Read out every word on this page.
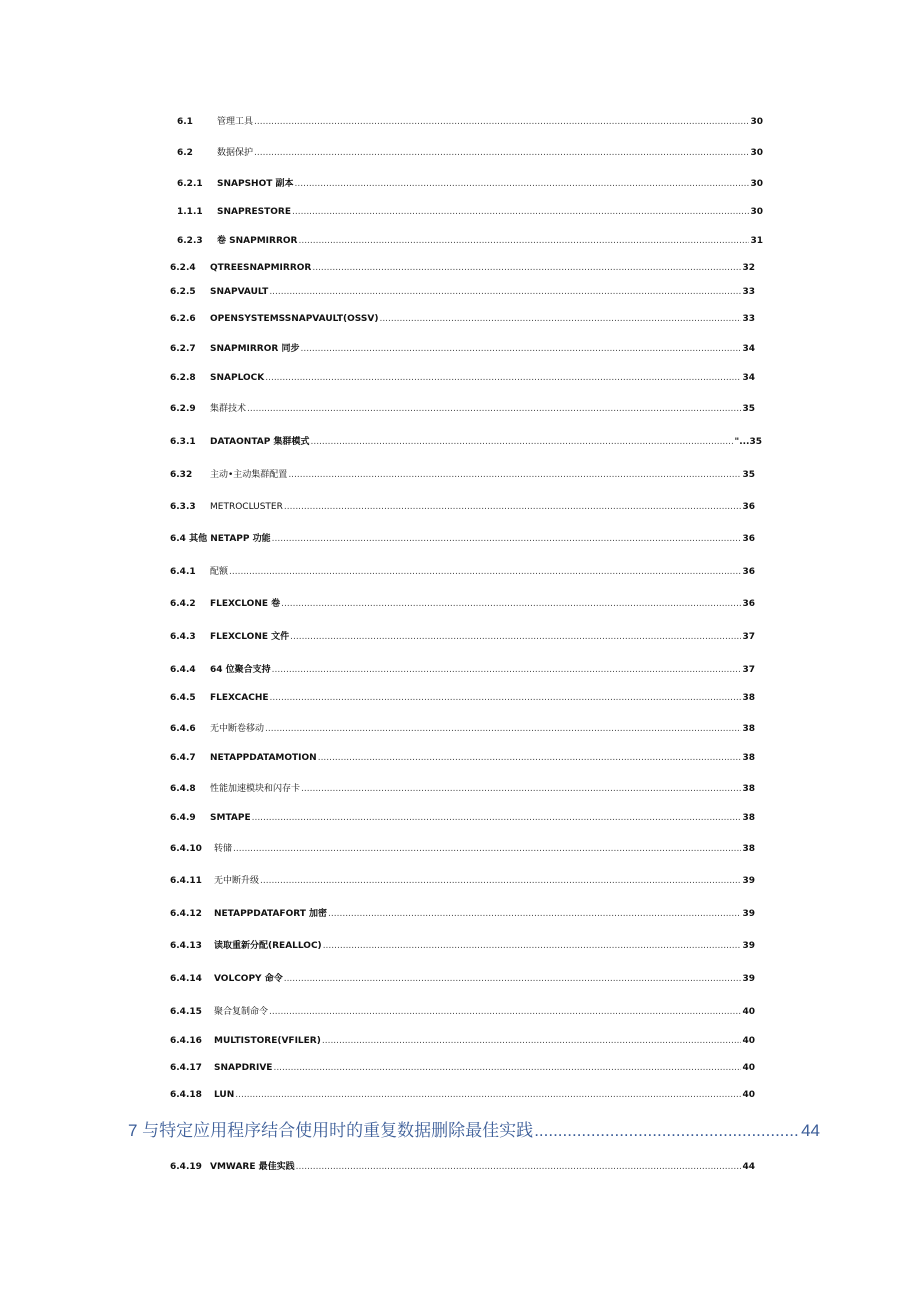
6.1	管理工具 .....	30
6.2	数据保护 .....	30
6.2.1	SNAPSHOT 副本 .....	30
1.1.1	SNAPRESTORE .....	30
6.2.3	卷 SNAPMIRROR .....	31
6.2.4	QTREESNAPMIRROR .....	32
6.2.5	SNAPVAULT .....	33
6.2.6	OPENSYSTEMSSNAPVAULT(OSSV) .....	33
6.2.7	SNAPMIRROR 同步 .....	34
6.2.8	SNAPLOCK .....	34
6.2.9	集群技术 .....	35
6.3.1	DATAONTAP 集群模式 .....	"...35
6.32	主动•主动集群配置 .....	35
6.3.3	METROCLUSTER .....	36
6.4 其他 NETAPP 功能 .....	36
6.4.1	配额 .....	36
6.4.2	FLEXCLONE 卷 .....	36
6.4.3	FLEXCLONE 文件 .....	37
6.4.4	64 位聚合支持 .....	37
6.4.5	FLEXCACHE .....	38
6.4.6	无中断卷移动 .....	38
6.4.7	NETAPPDATAMOTION .....	38
6.4.8	性能加速模块和闪存卡 .....	38
6.4.9	SMTAPE .....	38
6.4.10	转储 .....	38
6.4.11	无中断升级 .....	39
6.4.12	NETAPPDATAFORT 加密 .....	39
6.4.13	读取重新分配(REALLOC) .....	39
6.4.14	VOLCOPY 命令 .....	39
6.4.15	聚合复制命令 .....	40
6.4.16	MULTISTORE(VFILER) .....	40
6.4.17	SNAPDRIVE .....	40
6.4.18	LUN .....	40
7 与特定应用程序结合使用时的重复数据删除最佳实践 .....	44
6.4.19 VMWARE 最佳实践 .....	44
